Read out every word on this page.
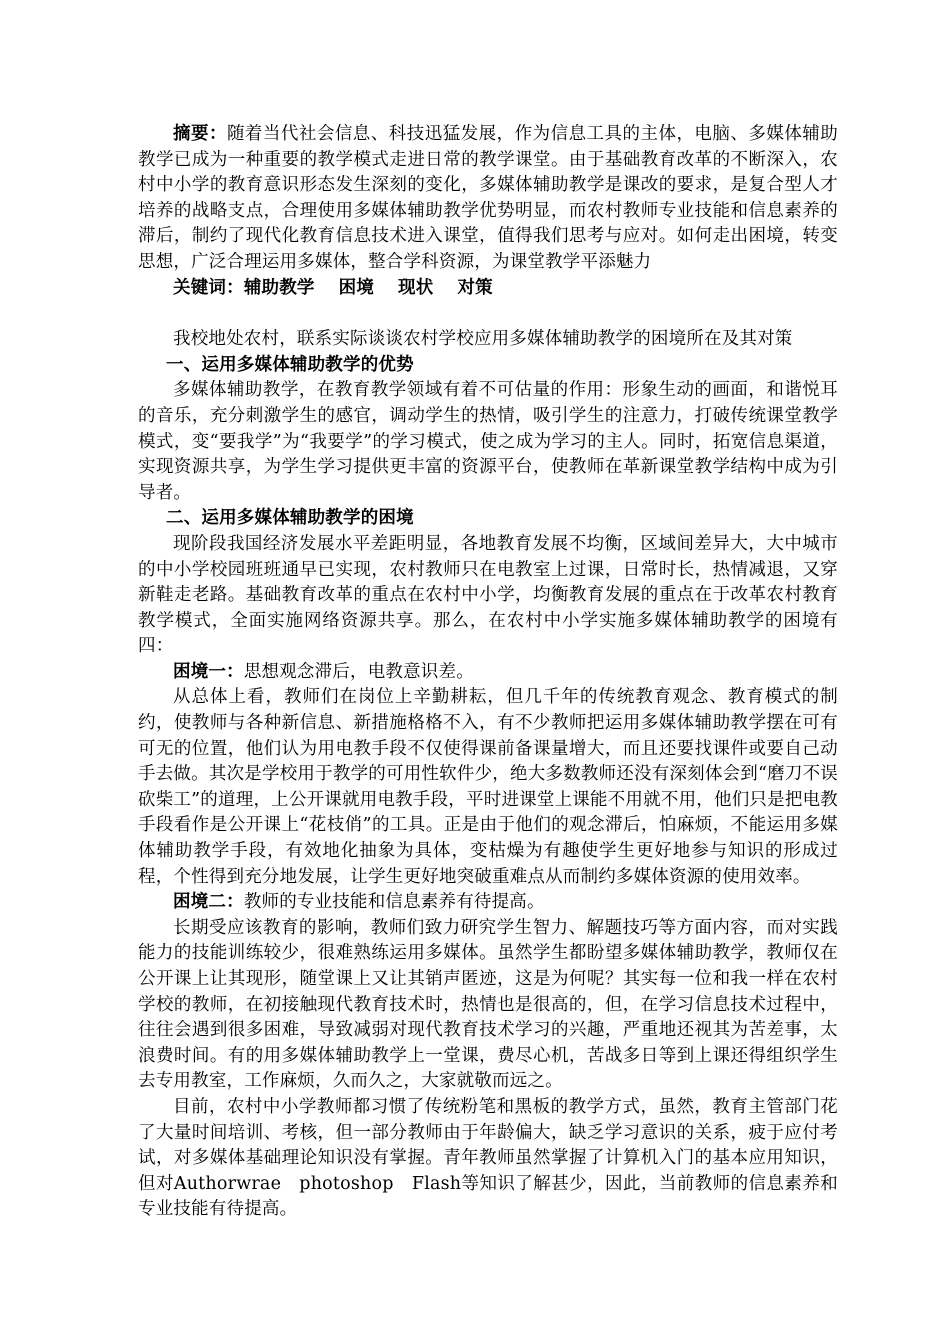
摘要：随着当代社会信息、科技迅猛发展，作为信息工具的主体，电脑、多媒体辅助教学已成为一种重要的教学模式走进日常的教学课堂。由于基础教育改革的不断深入，农村中小学的教育意识形态发生深刻的变化，多媒体辅助教学是课改的要求，是复合型人才培养的战略支点，合理使用多媒体辅助教学优势明显，而农村教师专业技能和信息素养的滞后，制约了现代化教育信息技术进入课堂，值得我们思考与应对。如何走出困境，转变思想，广泛合理运用多媒体，整合学科资源，为课堂教学平添魅力

关键词：辅助教学 困境 现状 对策

我校地处农村，联系实际谈谈农村学校应用多媒体辅助教学的困境所在及其对策

一、运用多媒体辅助教学的优势

多媒体辅助教学，在教育教学领域有着不可估量的作用：形象生动的画面，和谐悦耳的音乐，充分刺激学生的感官，调动学生的热情，吸引学生的注意力，打破传统课堂教学模式，变“要我学”为“我要学”的学习模式，使之成为学习的主人。同时，拓宽信息渠道，实现资源共享，为学生学习提供更丰富的资源平台，使教师在革新课堂教学结构中成为引导者。

二、运用多媒体辅助教学的困境

现阶段我国经济发展水平差距明显，各地教育发展不均衡，区域间差异大，大中城市的中小学校园班班通早已实现，农村教师只在电教室上过课，日常时长，热情减退，又穿新鞋走老路。基础教育改革的重点在农村中小学，均衡教育发展的重点在于改革农村教育教学模式，全面实施网络资源共享。那么，在农村中小学实施多媒体辅助教学的困境有四：

困境一：思想观念滞后，电教意识差。

从总体上看，教师们在岗位上辛勤耕耘，但几千年的传统教育观念、教育模式的制约，使教师与各种新信息、新措施格格不入，有不少教师把运用多媒体辅助教学摆在可有可无的位置，他们认为用电教手段不仅使得课前备课量增大，而且还要找课件或要自己动手去做。其次是学校用于教学的可用性软件少，绝大多数教师还没有深刻体会到“磨刀不误砍柴工”的道理，上公开课就用电教手段，平时进课堂上课能不用就不用，他们只是把电教手段看作是公开课上“花枝俏”的工具。正是由于他们的观念滞后，怕麻烦，不能运用多媒体辅助教学手段，有效地化抽象为具体，变枯燥为有趣使学生更好地参与知识的形成过程，个性得到充分地发展，让学生更好地突破重难点从而制约多媒体资源的使用效率。

困境二：教师的专业技能和信息素养有待提高。

长期受应该教育的影响，教师们致力研究学生智力、解题技巧等方面内容，而对实践能力的技能训练较少，很难熟练运用多媒体。虽然学生都盼望多媒体辅助教学，教师仅在公开课上让其现形，随堂课上又让其销声匿迹，这是为何呢？其实每一位和我一样在农村学校的教师，在初接触现代教育技术时，热情也是很高的，但，在学习信息技术过程中，往往会遇到很多困难，导致减弱对现代教育技术学习的兴趣，严重地还视其为苦差事，太浪费时间。有的用多媒体辅助教学上一堂课，费尽心机，苦战多日等到上课还得组织学生去专用教室，工作麻烦，久而久之，大家就敬而远之。

目前，农村中小学教师都习惯了传统粉笔和黑板的教学方式，虽然，教育主管部门花了大量时间培训、考核，但一部分教师由于年龄偏大，缺乏学习意识的关系，疲于应付考试，对多媒体基础理论知识没有掌握。青年教师虽然掌握了计算机入门的基本应用知识，但对Authorwrae　photoshop　Flash等知识了解甚少，因此，当前教师的信息素养和专业技能有待提高。
